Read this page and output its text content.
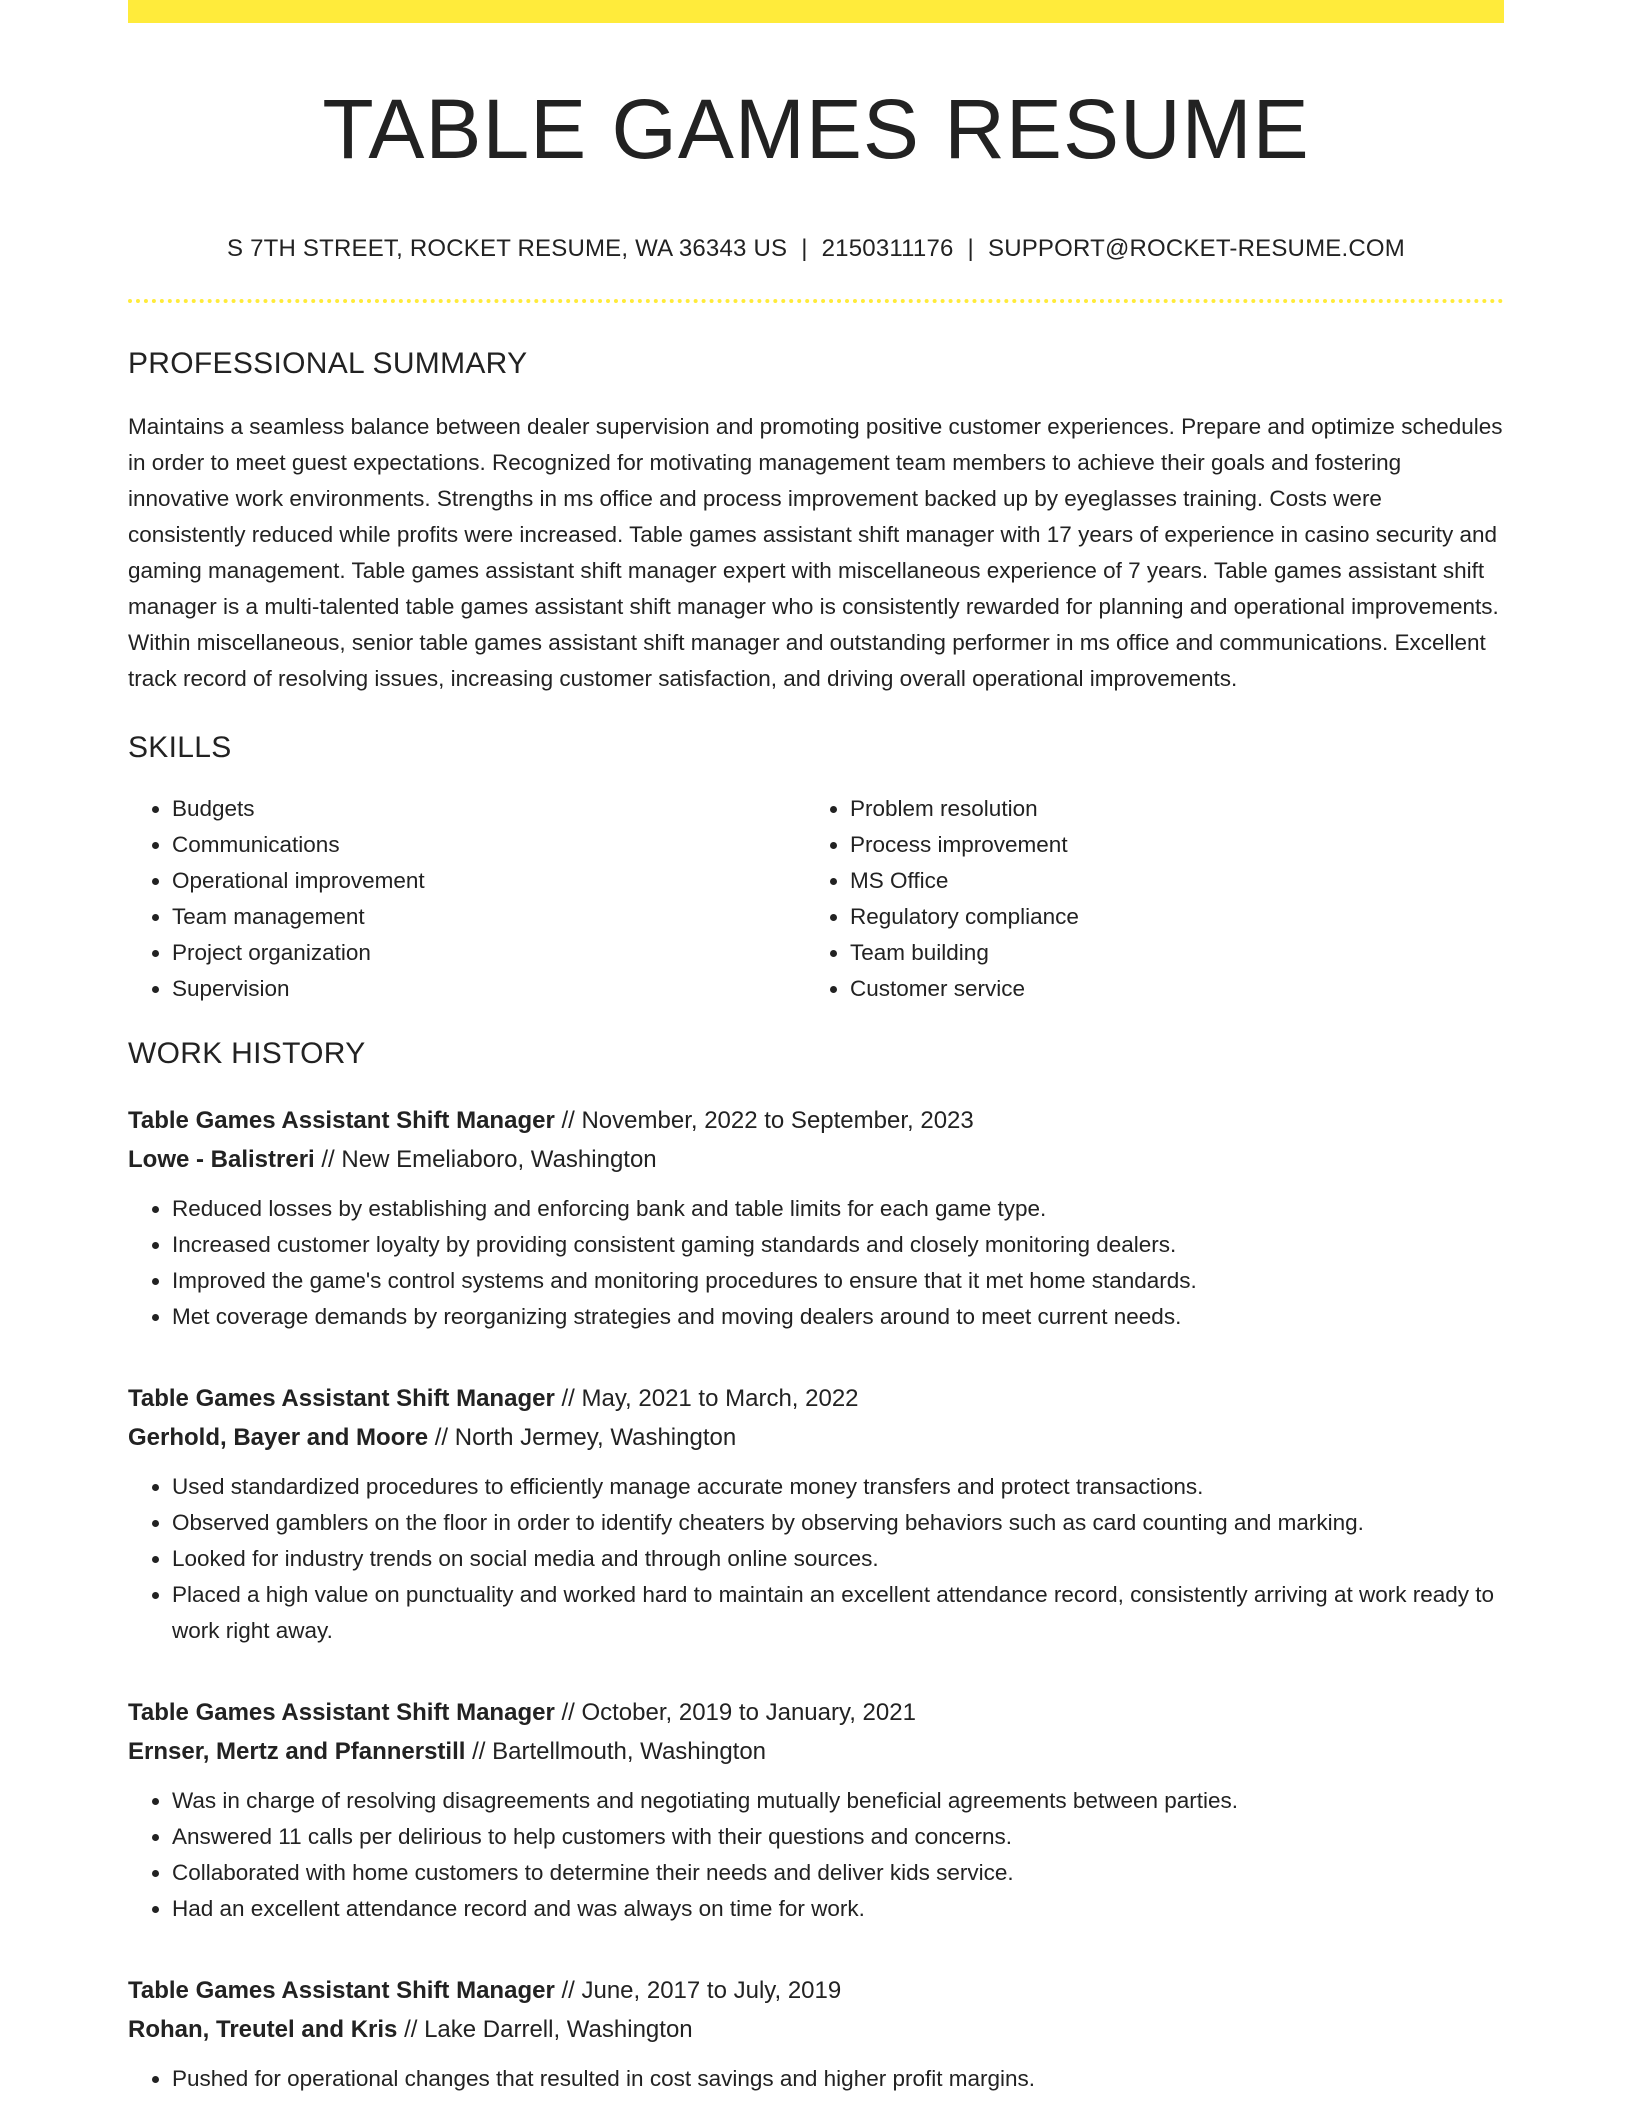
TABLE GAMES RESUME
S 7TH STREET, ROCKET RESUME, WA 36343 US | 2150311176 | SUPPORT@ROCKET-RESUME.COM
PROFESSIONAL SUMMARY
Maintains a seamless balance between dealer supervision and promoting positive customer experiences. Prepare and optimize schedules in order to meet guest expectations. Recognized for motivating management team members to achieve their goals and fostering innovative work environments. Strengths in ms office and process improvement backed up by eyeglasses training. Costs were consistently reduced while profits were increased. Table games assistant shift manager with 17 years of experience in casino security and gaming management. Table games assistant shift manager expert with miscellaneous experience of 7 years. Table games assistant shift manager is a multi-talented table games assistant shift manager who is consistently rewarded for planning and operational improvements. Within miscellaneous, senior table games assistant shift manager and outstanding performer in ms office and communications. Excellent track record of resolving issues, increasing customer satisfaction, and driving overall operational improvements.
SKILLS
• Budgets
• Communications
• Operational improvement
• Team management
• Project organization
• Supervision
• Problem resolution
• Process improvement
• MS Office
• Regulatory compliance
• Team building
• Customer service
WORK HISTORY
Table Games Assistant Shift Manager // November, 2022 to September, 2023
Lowe - Balistreri // New Emeliaboro, Washington
• Reduced losses by establishing and enforcing bank and table limits for each game type.
• Increased customer loyalty by providing consistent gaming standards and closely monitoring dealers.
• Improved the game's control systems and monitoring procedures to ensure that it met home standards.
• Met coverage demands by reorganizing strategies and moving dealers around to meet current needs.
Table Games Assistant Shift Manager // May, 2021 to March, 2022
Gerhold, Bayer and Moore // North Jermey, Washington
• Used standardized procedures to efficiently manage accurate money transfers and protect transactions.
• Observed gamblers on the floor in order to identify cheaters by observing behaviors such as card counting and marking.
• Looked for industry trends on social media and through online sources.
• Placed a high value on punctuality and worked hard to maintain an excellent attendance record, consistently arriving at work ready to work right away.
Table Games Assistant Shift Manager // October, 2019 to January, 2021
Ernser, Mertz and Pfannerstill // Bartellmouth, Washington
• Was in charge of resolving disagreements and negotiating mutually beneficial agreements between parties.
• Answered 11 calls per delirious to help customers with their questions and concerns.
• Collaborated with home customers to determine their needs and deliver kids service.
• Had an excellent attendance record and was always on time for work.
Table Games Assistant Shift Manager // June, 2017 to July, 2019
Rohan, Treutel and Kris // Lake Darrell, Washington
• Pushed for operational changes that resulted in cost savings and higher profit margins.
